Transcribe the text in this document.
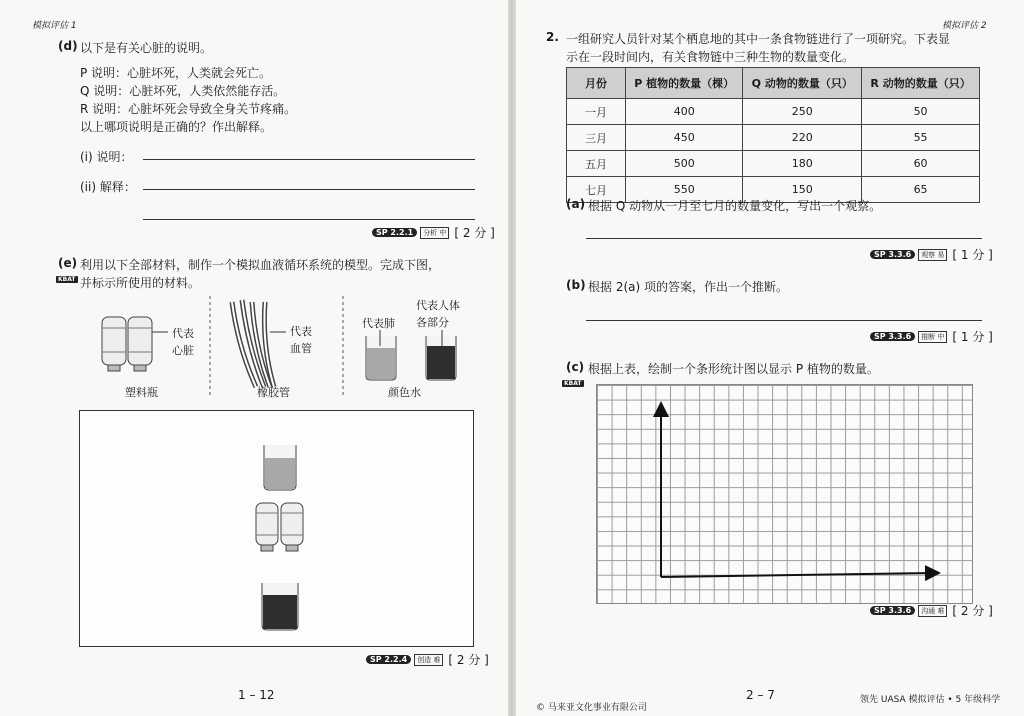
模拟评估 1
(d) 以下是有关心脏的说明。
P 说明：心脏坏死，人类就会死亡。
Q 说明：心脏坏死，人类依然能存活。
R 说明：心脏坏死会导致全身关节疼痛。
以上哪项说明是正确的？作出解释。
(i) 说明：
(ii) 解释：
SP 2.2.1	分析 中 [ 2 分 ]
(e) 利用以下全部材料，制作一个模拟血液循环系统的模型。完成下图，
KBAT 并标示所使用的材料。
代表
心脏
代表
血管
代表肺
代表人体
各部分
塑料瓶	橡胶管	颜色水
SP 2.2.4	创造 难 [ 2 分 ]
1 – 12
模拟评估 2
2. 一组研究人员针对某个栖息地的其中一条食物链进行了一项研究。下表显
示在一段时间内，有关食物链中三种生物的数量变化。
月份	P 植物的数量（棵）	Q 动物的数量（只）	R 动物的数量（只）
一月	400	250	50
三月	450	220	55
五月	500	180	60
七月	550	150	65
(a) 根据 Q 动物从一月至七月的数量变化，写出一个观察。
SP 3.3.6	观察 易 [ 1 分 ]
(b) 根据 2(a) 项的答案，作出一个推断。
SP 3.3.6	推断 中 [ 1 分 ]
(c) 根据上表，绘制一个条形统计图以显示 P 植物的数量。
KBAT
SP 3.3.6	沟通 难 [ 2 分 ]
© 马来亚文化事业有限公司
2 – 7	领先 UASA 模拟评估 • 5 年级科学
